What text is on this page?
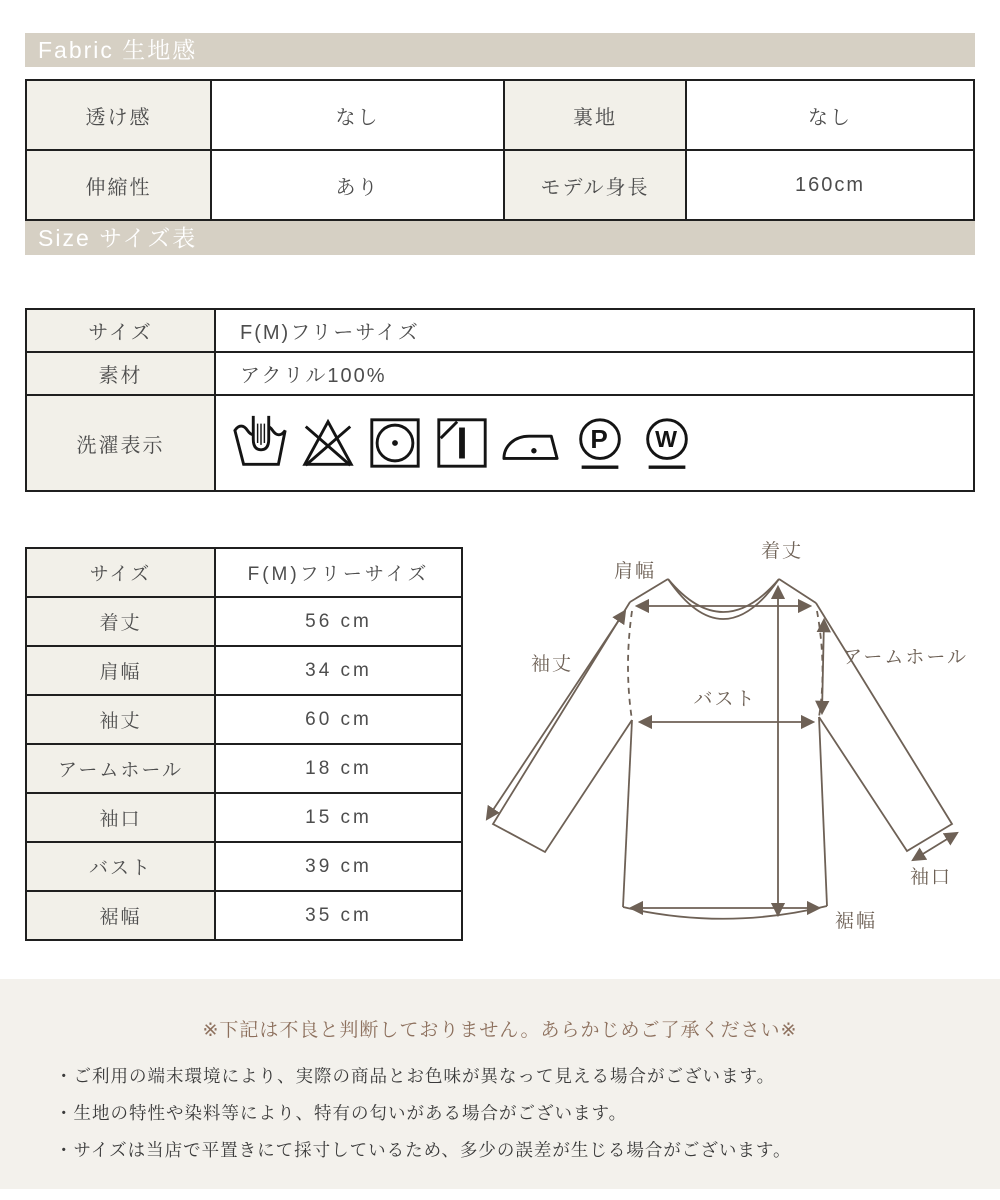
Fabric 生地感
透け感	なし	裏地	なし
伸縮性	あり	モデル身長	160cm
Size サイズ表
サイズ	F(M)フリーサイズ
素材	アクリル100%
洗濯表示	P W
サイズ	F(M)フリーサイズ
着丈	56 cm
肩幅	34 cm
袖丈	60 cm
アームホール	18 cm
袖口	15 cm
バスト	39 cm
裾幅	35 cm
肩幅
着丈
袖丈	アームホール
バスト
袖口
裾幅
※下記は不良と判断しておりません。あらかじめご了承ください※
・ご利用の端末環境により、実際の商品とお色味が異なって見える場合がございます。
・生地の特性や染料等により、特有の匂いがある場合がございます。
・サイズは当店で平置きにて採寸しているため、多少の誤差が生じる場合がございます。
